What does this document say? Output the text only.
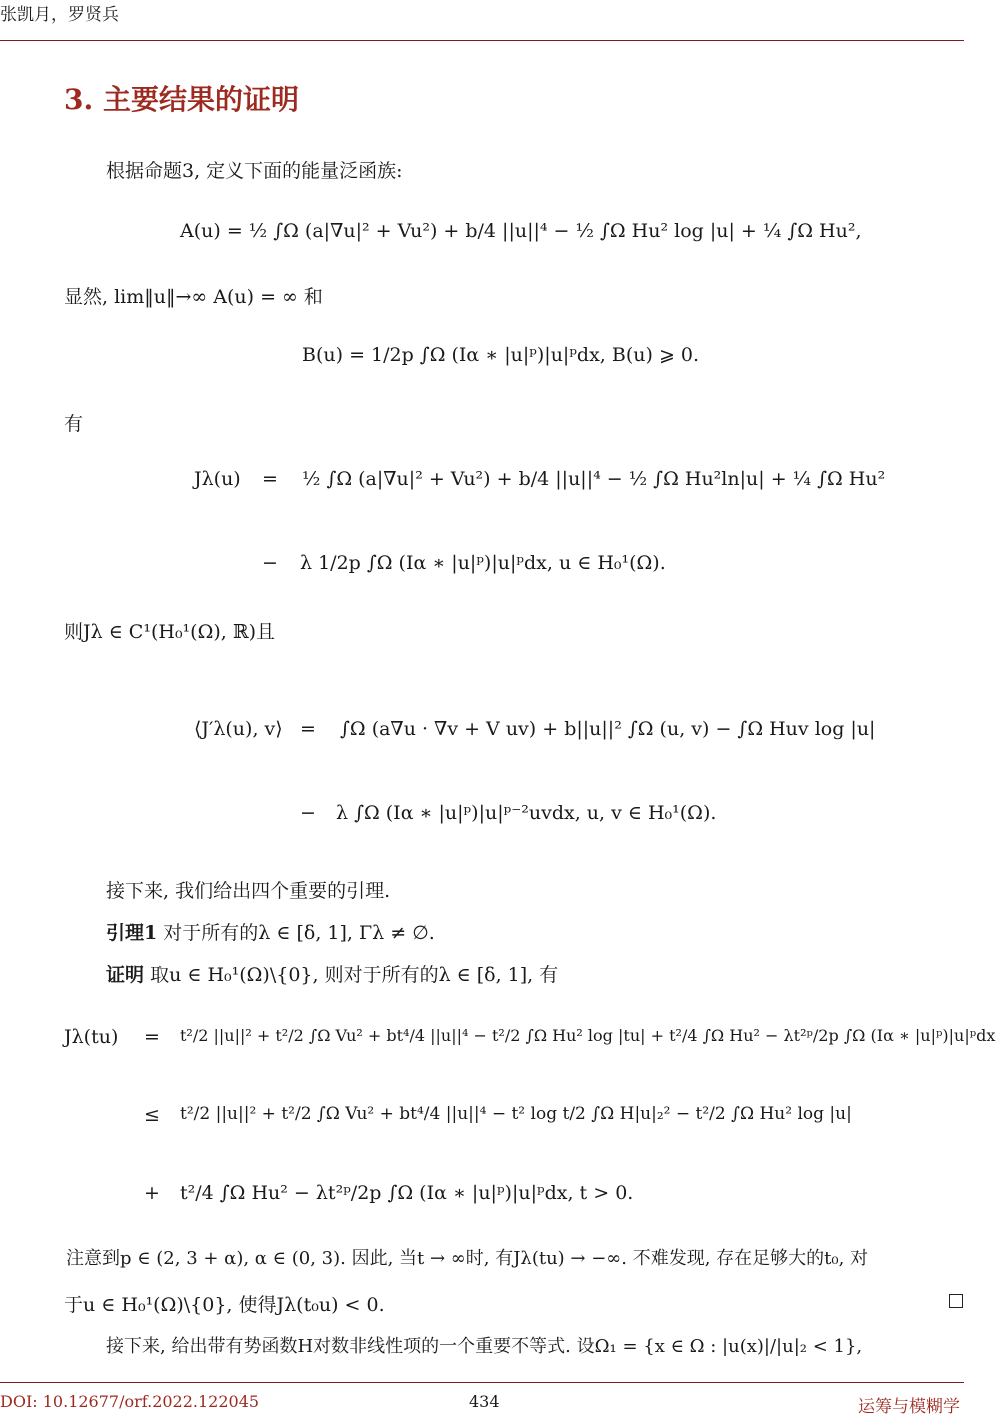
张凯月，罗贤兵
3. 主要结果的证明
根据命题3, 定义下面的能量泛函族:
A(u) = ½ ∫Ω (a|∇u|² + Vu²) + b/4 ||u||⁴ − ½ ∫Ω Hu² log |u| + ¼ ∫Ω Hu²,
显然, lim‖u‖→∞ A(u) = ∞ 和
B(u) = 1/2p ∫Ω (Iα ∗ |u|ᵖ)|u|ᵖdx, B(u) ⩾ 0.
有
Jλ(u) = ½ ∫Ω (a|∇u|² + Vu²) + b/4 ||u||⁴ − ½ ∫Ω Hu²ln|u| + ¼ ∫Ω Hu²
− λ 1/2p ∫Ω (Iα ∗ |u|ᵖ)|u|ᵖdx, u ∈ H₀¹(Ω).
则Jλ ∈ C¹(H₀¹(Ω), ℝ)且
⟨J′λ(u), v⟩ = ∫Ω (a∇u · ∇v + V uv) + b||u||² ∫Ω (u, v) − ∫Ω Huv log |u|
− λ ∫Ω (Iα ∗ |u|ᵖ)|u|ᵖ⁻²uvdx, u, v ∈ H₀¹(Ω).
接下来, 我们给出四个重要的引理.
引理1 对于所有的λ ∈ [δ, 1], Γλ ≠ ∅.
证明 取u ∈ H₀¹(Ω)\{0}, 则对于所有的λ ∈ [δ, 1], 有
Jλ(tu) = t²/2 ||u||² + t²/2 ∫Ω Vu² + bt⁴/4 ||u||⁴ − t²/2 ∫Ω Hu² log |tu| + t²/4 ∫Ω Hu² − λt²ᵖ/2p ∫Ω (Iα ∗ |u|ᵖ)|u|ᵖdx
≤ t²/2 ||u||² + t²/2 ∫Ω Vu² + bt⁴/4 ||u||⁴ − t² log t/2 ∫Ω H|u|₂² − t²/2 ∫Ω Hu² log |u|
+ t²/4 ∫Ω Hu² − λt²ᵖ/2p ∫Ω (Iα ∗ |u|ᵖ)|u|ᵖdx, t > 0.
注意到p ∈ (2, 3 + α), α ∈ (0, 3). 因此, 当t → ∞时, 有Jλ(tu) → −∞. 不难发现, 存在足够大的t₀, 对
于u ∈ H₀¹(Ω)\{0}, 使得Jλ(t₀u) < 0.
接下来, 给出带有势函数H对数非线性项的一个重要不等式. 设Ω₁ = {x ∈ Ω : |u(x)|/|u|₂ < 1},
DOI: 10.12677/orf.2022.122045	434	运筹与模糊学
